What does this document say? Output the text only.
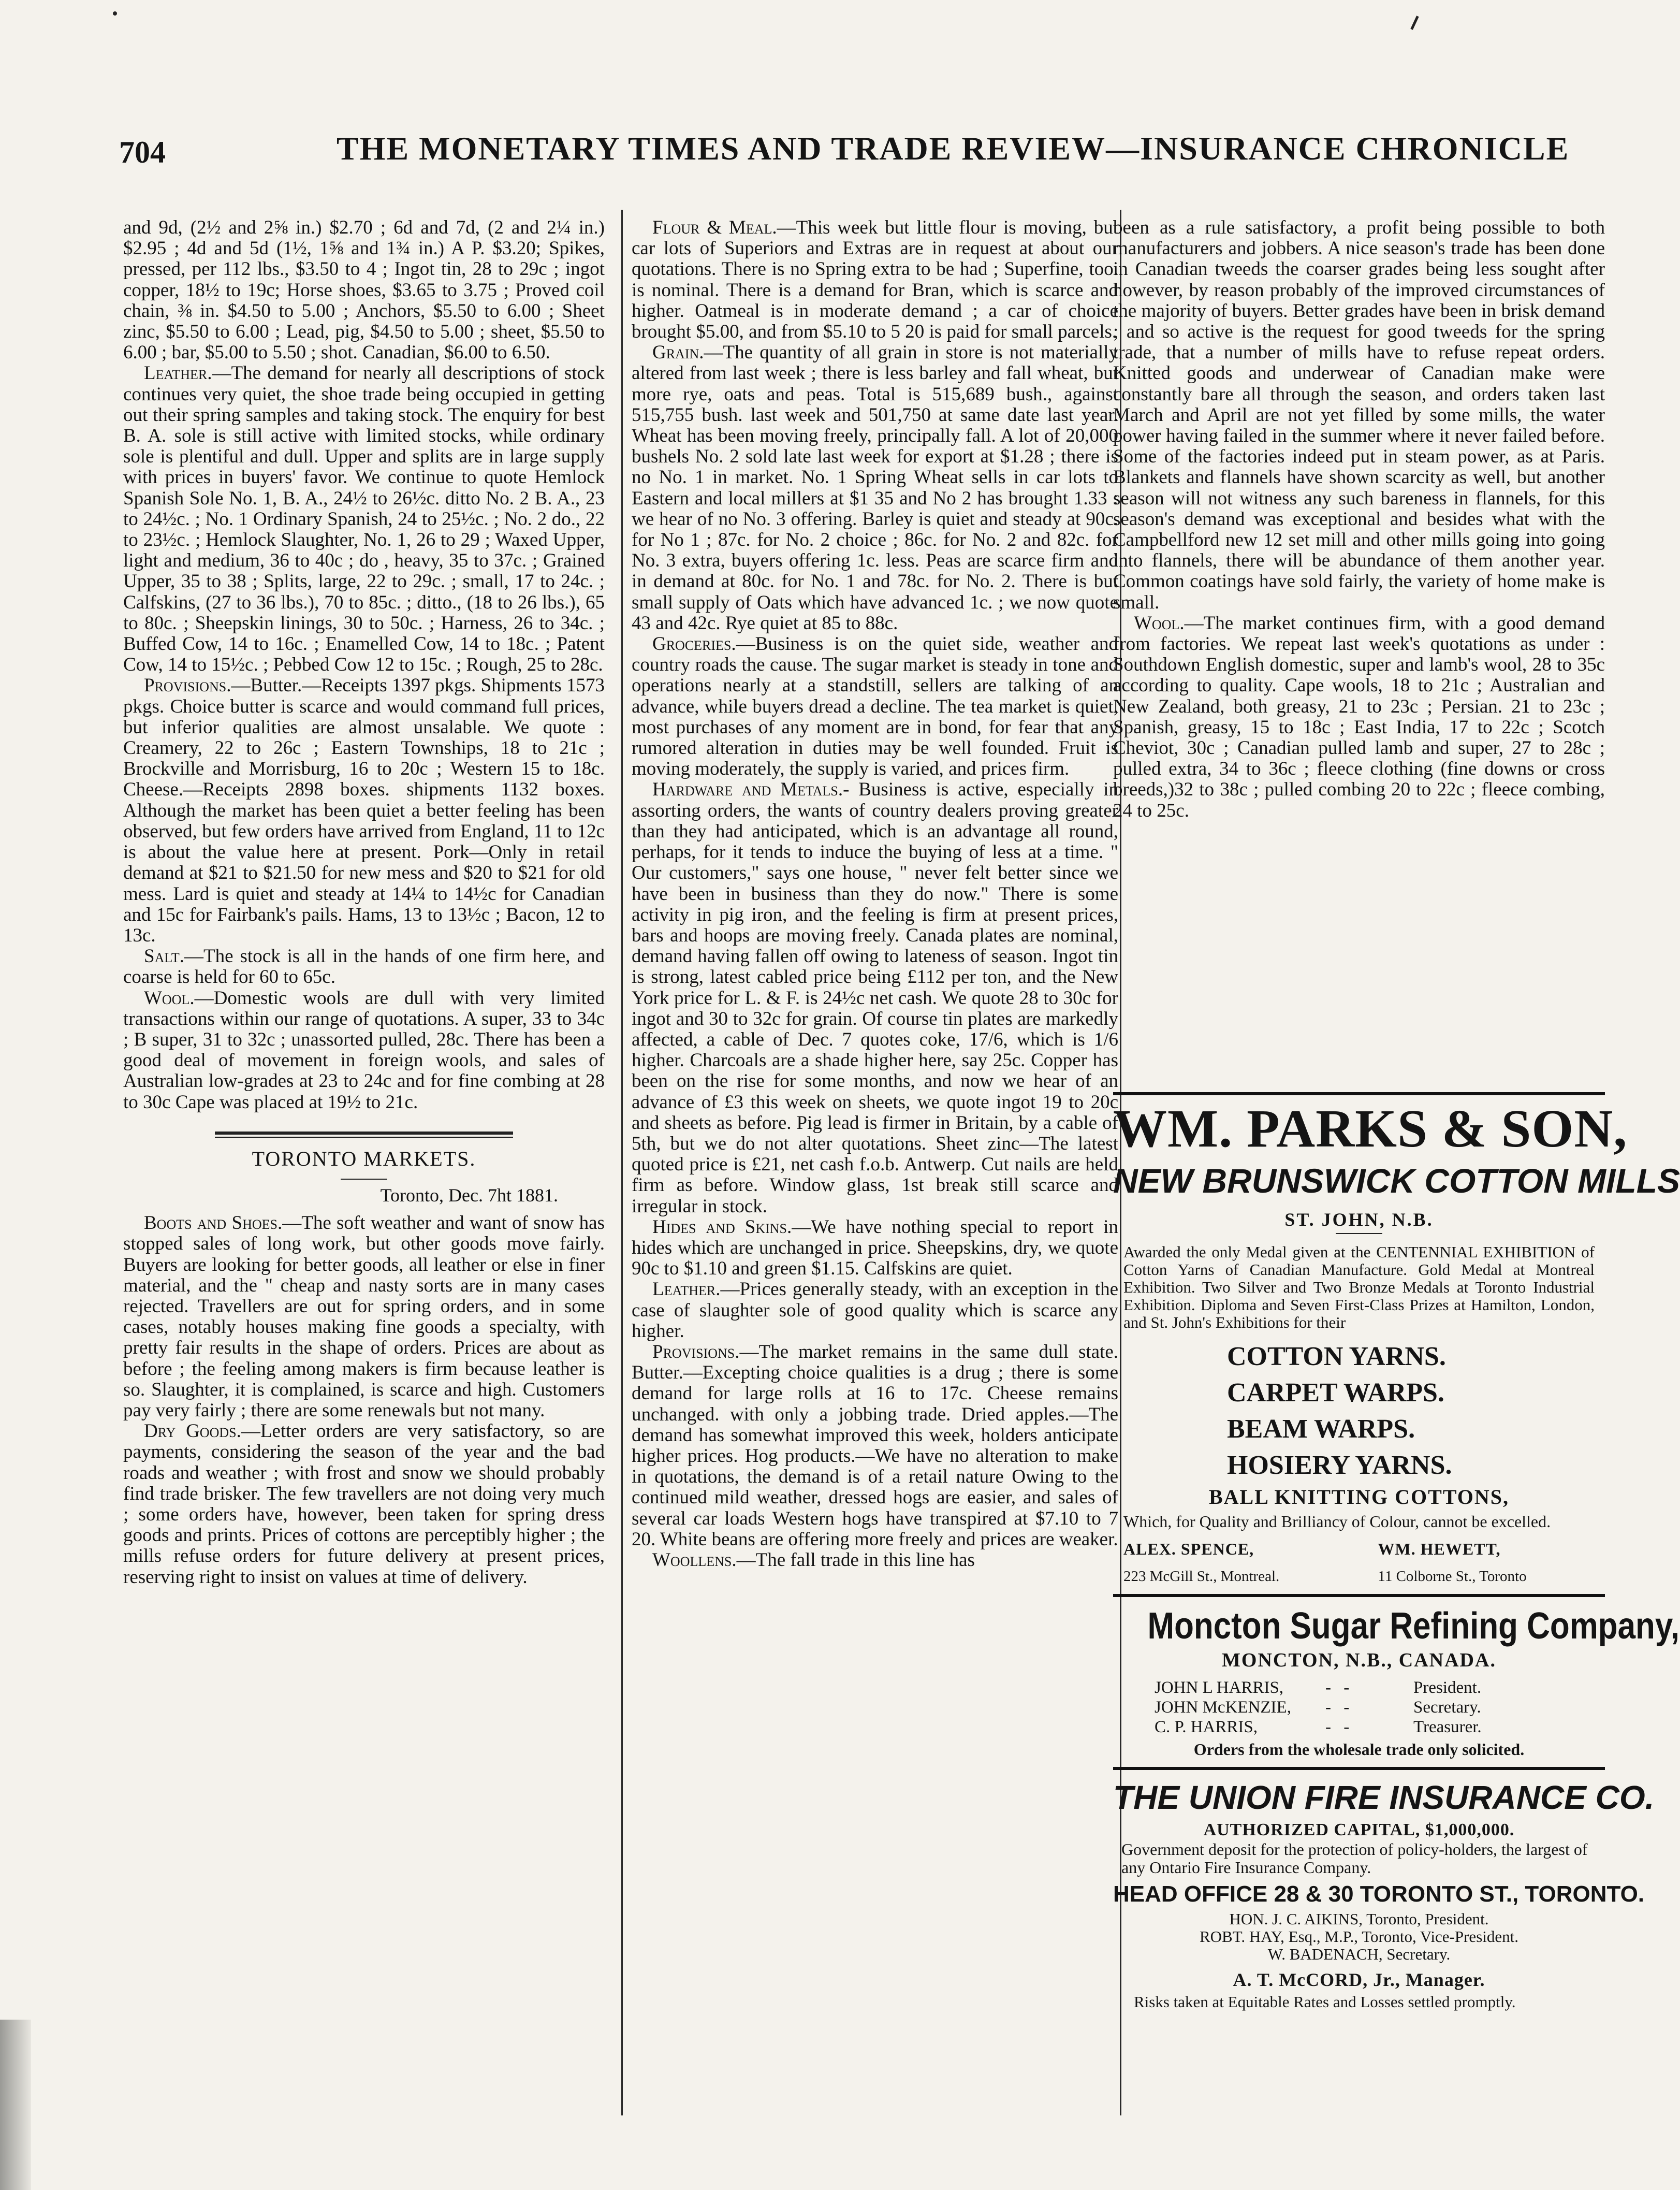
704	THE MONETARY TIMES AND TRADE REVIEW—INSURANCE CHRONICLE

and 9d, (2½ and 2⅝ in.) $2.70 ; 6d and 7d, (2 and 2¼ in.) $2.95 ; 4d and 5d (1½, 1⅝ and 1¾ in.) A P. $3.20; Spikes, pressed, per 112 lbs., $3.50 to 4 ; Ingot tin, 28 to 29c ; ingot copper, 18½ to 19c; Horse shoes, $3.65 to 3.75 ; Proved coil chain, ⅜ in. $4.50 to 5.00 ; Anchors, $5.50 to 6.00 ; Sheet zinc, $5.50 to 6.00 ; Lead, pig, $4.50 to 5.00 ; sheet, $5.50 to 6.00 ; bar, $5.00 to 5.50 ; shot. Canadian, $6.00 to 6.50.

Leather.—The demand for nearly all descriptions of stock continues very quiet, the shoe trade being occupied in getting out their spring samples and taking stock. The enquiry for best B. A. sole is still active with limited stocks, while ordinary sole is plentiful and dull. Upper and splits are in large supply with prices in buyers' favor. We continue to quote Hemlock Spanish Sole No. 1, B. A., 24½ to 26½c. ditto No. 2 B. A., 23 to 24½c. ; No. 1 Ordinary Spanish, 24 to 25½c. ; No. 2 do., 22 to 23½c. ; Hemlock Slaughter, No. 1, 26 to 29 ; Waxed Upper, light and medium, 36 to 40c ; do , heavy, 35 to 37c. ; Grained Upper, 35 to 38 ; Splits, large, 22 to 29c. ; small, 17 to 24c. ; Calfskins, (27 to 36 lbs.), 70 to 85c. ; ditto., (18 to 26 lbs.), 65 to 80c. ; Sheepskin linings, 30 to 50c. ; Harness, 26 to 34c. ; Buffed Cow, 14 to 16c. ; Enamelled Cow, 14 to 18c. ; Patent Cow, 14 to 15½c. ; Pebbed Cow 12 to 15c. ; Rough, 25 to 28c.

Provisions.—Butter.—Receipts 1397 pkgs. Shipments 1573 pkgs. Choice butter is scarce and would command full prices, but inferior qualities are almost unsalable. We quote : Creamery, 22 to 26c ; Eastern Townships, 18 to 21c ; Brockville and Morrisburg, 16 to 20c ; Western 15 to 18c. Cheese.—Receipts 2898 boxes. shipments 1132 boxes. Although the market has been quiet a better feeling has been observed, but few orders have arrived from England, 11 to 12c is about the value here at present. Pork—Only in retail demand at $21 to $21.50 for new mess and $20 to $21 for old mess. Lard is quiet and steady at 14¼ to 14½c for Canadian and 15c for Fairbank's pails. Hams, 13 to 13½c ; Bacon, 12 to 13c.

Salt.—The stock is all in the hands of one firm here, and coarse is held for 60 to 65c.

Wool.—Domestic wools are dull with very limited transactions within our range of quotations. A super, 33 to 34c ; B super, 31 to 32c ; unassorted pulled, 28c. There has been a good deal of movement in foreign wools, and sales of Australian low-grades at 23 to 24c and for fine combing at 28 to 30c Cape was placed at 19½ to 21c.

TORONTO MARKETS.
Toronto, Dec. 7ht 1881.

Boots and Shoes.—The soft weather and want of snow has stopped sales of long work, but other goods move fairly. Buyers are looking for better goods, all leather or else in finer material, and the " cheap and nasty sorts are in many cases rejected. Travellers are out for spring orders, and in some cases, notably houses making fine goods a specialty, with pretty fair results in the shape of orders. Prices are about as before ; the feeling among makers is firm because leather is so. Slaughter, it is complained, is scarce and high. Customers pay very fairly ; there are some renewals but not many.

Dry Goods.—Letter orders are very satisfactory, so are payments, considering the season of the year and the bad roads and weather ; with frost and snow we should probably find trade brisker. The few travellers are not doing very much ; some orders have, however, been taken for spring dress goods and prints. Prices of cottons are perceptibly higher ; the mills refuse orders for future delivery at present prices, reserving right to insist on values at time of delivery.

Flour & Meal.—This week but little flour is moving, but car lots of Superiors and Extras are in request at about our quotations. There is no Spring extra to be had ; Superfine, too. is nominal. There is a demand for Bran, which is scarce and higher. Oatmeal is in moderate demand ; a car of choice brought $5.00, and from $5.10 to 5 20 is paid for small parcels.

Grain.—The quantity of all grain in store is not materially altered from last week ; there is less barley and fall wheat, but more rye, oats and peas. Total is 515,689 bush., against 515,755 bush. last week and 501,750 at same date last year. Wheat has been moving freely, principally fall. A lot of 20,000 bushels No. 2 sold late last week for export at $1.28 ; there is no No. 1 in market. No. 1 Spring Wheat sells in car lots to Eastern and local millers at $1 35 and No 2 has brought 1.33 : we hear of no No. 3 offering. Barley is quiet and steady at 90c. for No 1 ; 87c. for No. 2 choice ; 86c. for No. 2 and 82c. for No. 3 extra, buyers offering 1c. less. Peas are scarce firm and in demand at 80c. for No. 1 and 78c. for No. 2. There is but small supply of Oats which have advanced 1c. ; we now quote 43 and 42c. Rye quiet at 85 to 88c.

Groceries.—Business is on the quiet side, weather and country roads the cause. The sugar market is steady in tone and operations nearly at a standstill, sellers are talking of an advance, while buyers dread a decline. The tea market is quiet, most purchases of any moment are in bond, for fear that any rumored alteration in duties may be well founded. Fruit is moving moderately, the supply is varied, and prices firm.

Hardware and Metals.- Business is active, especially in assorting orders, the wants of country dealers proving greater than they had anticipated, which is an advantage all round, perhaps, for it tends to induce the buying of less at a time. " Our customers," says one house, " never felt better since we have been in business than they do now." There is some activity in pig iron, and the feeling is firm at present prices, bars and hoops are moving freely. Canada plates are nominal, demand having fallen off owing to lateness of season. Ingot tin is strong, latest cabled price being £112 per ton, and the New York price for L. & F. is 24½c net cash. We quote 28 to 30c for ingot and 30 to 32c for grain. Of course tin plates are markedly affected, a cable of Dec. 7 quotes coke, 17/6, which is 1/6 higher. Charcoals are a shade higher here, say 25c. Copper has been on the rise for some months, and now we hear of an advance of £3 this week on sheets, we quote ingot 19 to 20c and sheets as before. Pig lead is firmer in Britain, by a cable of 5th, but we do not alter quotations. Sheet zinc—The latest quoted price is £21, net cash f.o.b. Antwerp. Cut nails are held firm as before. Window glass, 1st break still scarce and irregular in stock.

Hides and Skins.—We have nothing special to report in hides which are unchanged in price. Sheepskins, dry, we quote 90c to $1.10 and green $1.15. Calfskins are quiet.

Leather.—Prices generally steady, with an exception in the case of slaughter sole of good quality which is scarce any higher.

Provisions.—The market remains in the same dull state. Butter.—Excepting choice qualities is a drug ; there is some demand for large rolls at 16 to 17c. Cheese remains unchanged. with only a jobbing trade. Dried apples.—The demand has somewhat improved this week, holders anticipate higher prices. Hog products.—We have no alteration to make in quotations, the demand is of a retail nature Owing to the continued mild weather, dressed hogs are easier, and sales of several car loads Western hogs have transpired at $7.10 to 7 20. White beans are offering more freely and prices are weaker.

Woollens.—The fall trade in this line has

been as a rule satisfactory, a profit being possible to both manufacturers and jobbers. A nice season's trade has been done in Canadian tweeds the coarser grades being less sought after however, by reason probably of the improved circumstances of the majority of buyers. Better grades have been in brisk demand ; and so active is the request for good tweeds for the spring trade, that a number of mills have to refuse repeat orders. Knitted goods and underwear of Canadian make were constantly bare all through the season, and orders taken last March and April are not yet filled by some mills, the water power having failed in the summer where it never failed before. Some of the factories indeed put in steam power, as at Paris. Blankets and flannels have shown scarcity as well, but another season will not witness any such bareness in flannels, for this season's demand was exceptional and besides what with the Campbellford new 12 set mill and other mills going into going into flannels, there will be abundance of them another year. Common coatings have sold fairly, the variety of home make is small.

Wool.—The market continues firm, with a good demand from factories. We repeat last week's quotations as under : Southdown English domestic, super and lamb's wool, 28 to 35c according to quality. Cape wools, 18 to 21c ; Australian and New Zealand, both greasy, 21 to 23c ; Persian. 21 to 23c ; Spanish, greasy, 15 to 18c ; East India, 17 to 22c ; Scotch Cheviot, 30c ; Canadian pulled lamb and super, 27 to 28c ; pulled extra, 34 to 36c ; fleece clothing (fine downs or cross breeds,)32 to 38c ; pulled combing 20 to 22c ; fleece combing, 24 to 25c.

WM. PARKS & SON,
NEW BRUNSWICK COTTON MILLS
ST. JOHN, N.B.
Awarded the only Medal given at the CENTENNIAL EXHIBITION of Cotton Yarns of Canadian Manufacture. Gold Medal at Montreal Exhibition. Two Silver and Two Bronze Medals at Toronto Industrial Exhibition. Diploma and Seven First-Class Prizes at Hamilton, London, and St. John's Exhibitions for their
COTTON YARNS.
CARPET WARPS.
BEAM WARPS.
HOSIERY YARNS.
BALL KNITTING COTTONS,
Which, for Quality and Brilliancy of Colour, cannot be excelled.
ALEX. SPENCE,
223 McGill St., Montreal.
WM. HEWETT,
11 Colborne St., Toronto
Moncton Sugar Refining Company,
MONCTON, N.B., CANADA.
JOHN L HARRIS,	- -	President.
JOHN McKENZIE,	- -	Secretary.
C. P. HARRIS,	- -	Treasurer.
Orders from the wholesale trade only solicited.
THE UNION FIRE INSURANCE CO.
AUTHORIZED CAPITAL, $1,000,000.
Government deposit for the protection of policy-holders, the largest of any Ontario Fire Insurance Company.
HEAD OFFICE 28 & 30 TORONTO ST., TORONTO.
HON. J. C. AIKINS, Toronto, President.
ROBT. HAY, Esq., M.P., Toronto, Vice-President.
W. BADENACH, Secretary.
A. T. McCORD, Jr., Manager.
Risks taken at Equitable Rates and Losses settled promptly.
